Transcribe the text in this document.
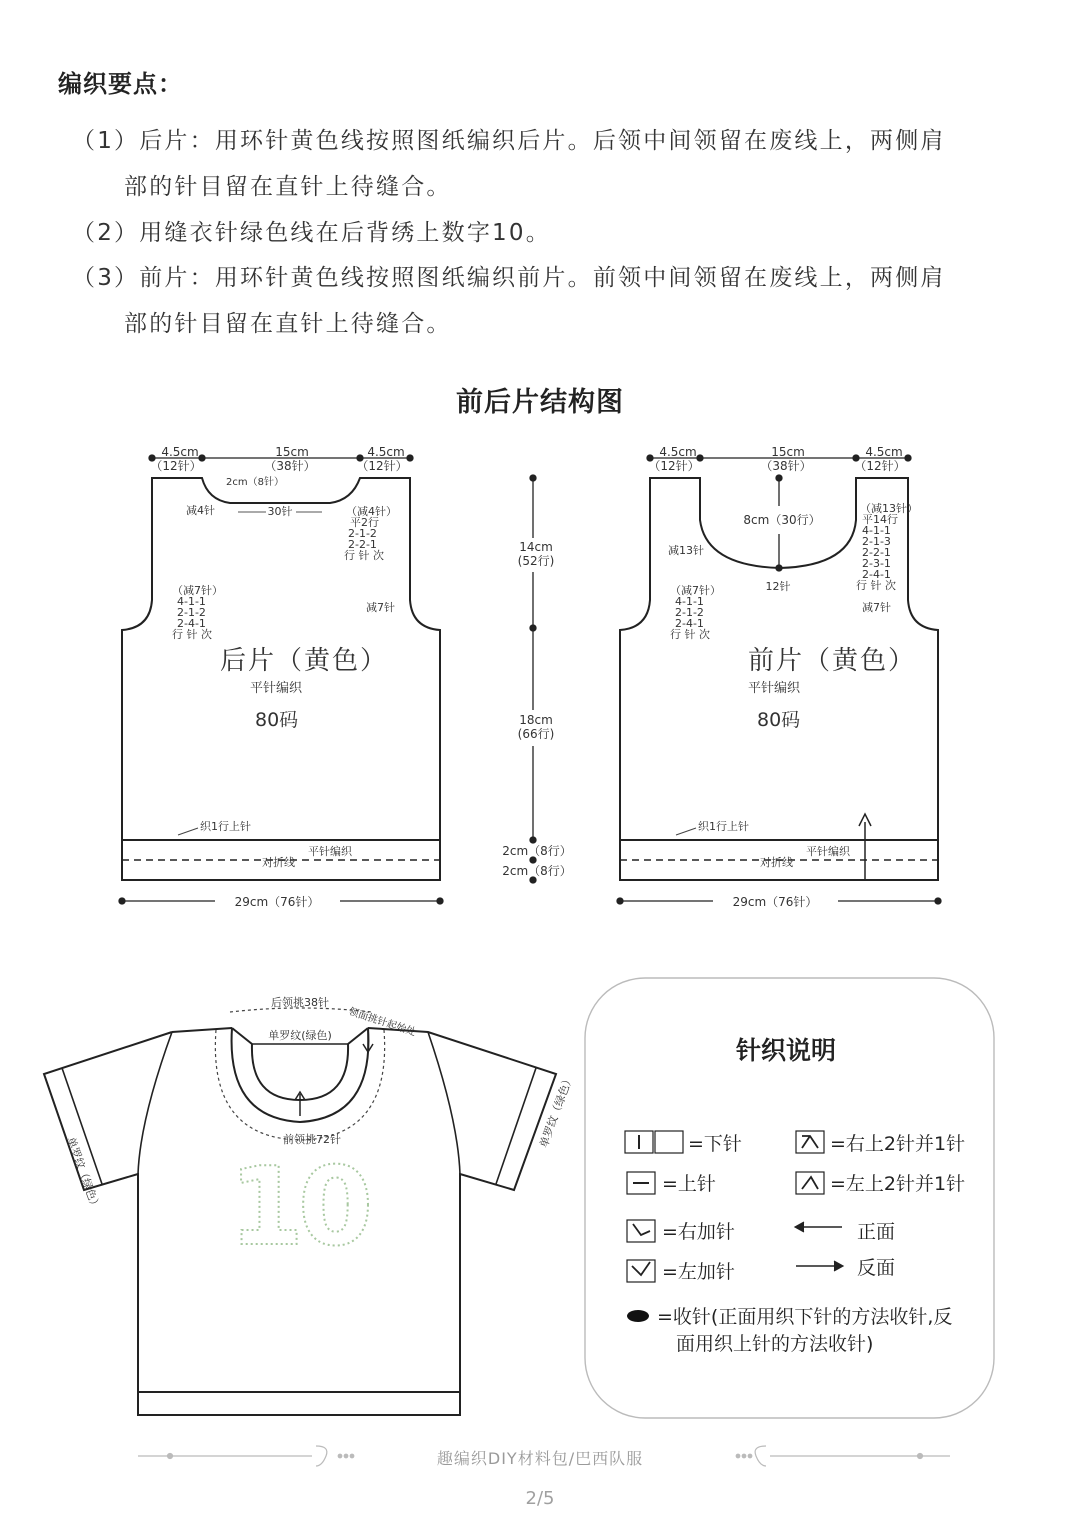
编织要点：
（1）后片：用环针黄色线按照图纸编织后片。后领中间领留在废线上，两侧肩
部的针目留在直针上待缝合。
（2）用缝衣针绿色线在后背绣上数字10。
（3）前片：用环针黄色线按照图纸编织前片。前领中间领留在废线上，两侧肩
部的针目留在直针上待缝合。
前后片结构图
4.5cm
（12针）
15cm
（38针）
4.5cm
（12针）
2cm（8针）
30针
减4针	（减4针）
平2行
2-1-2
2-2-1
行 针 次
（减7针）
4-1-1
2-1-2
2-4-1
行 针 次
减7针
后片（黄色）
平针编织
80码
织1行上针
平针编织
对折线
29cm（76针）
14cm
(52行)
18cm
(66行)
2cm（8行）
2cm（8行）
4.5cm
（12针）
15cm
（38针）
4.5cm
（12针）
8cm（30行）
12针
减13针
（减13针）
平14行
4-1-1
2-1-3
2-2-1
2-3-1
2-4-1
行 针 次
（减7针）
4-1-1
2-1-2
2-4-1
行 针 次
减7针
前片（黄色）
平针编织
80码
织1行上针
平针编织
对折线
29cm（76针）
后领挑38针
领面挑针起始处
单罗纹(绿色)
前领挑72针
单罗纹（绿色）
单罗纹（绿色）
10
针织说明
=下针
=上针
=右加针
=左加针
=右上2针并1针
=左上2针并1针
正面
反面
=收针(正面用织下针的方法收针,反
面用织上针的方法收针)
趣编织DIY材料包/巴西队服
2/5
